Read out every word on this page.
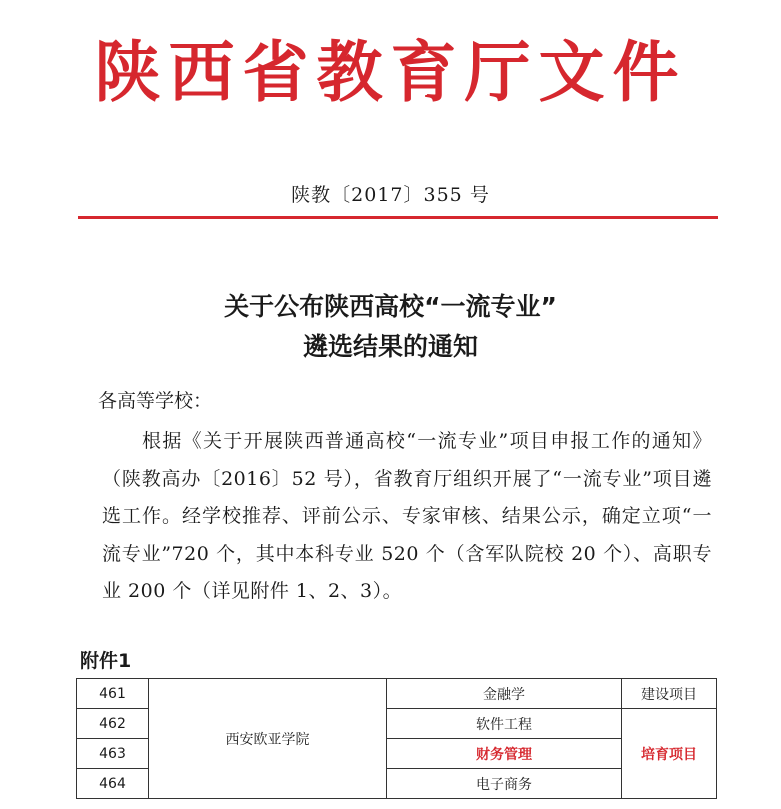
陕西省教育厅文件
陕教〔2017〕355 号
关于公布陕西高校“一流专业”
遴选结果的通知
各高等学校：
根据《关于开展陕西普通高校“一流专业”项目申报工作的通知》（陕教高办〔2016〕52 号），省教育厅组织开展了“一流专业”项目遴选工作。经学校推荐、评前公示、专家审核、结果公示，确定立项“一流专业”720 个，其中本科专业 520 个（含军队院校 20 个）、高职专业 200 个（详见附件 1、2、3）。
附件1
461	西安欧亚学院	金融学	建设项目
462		软件工程	培育项目
463		财务管理	
464		电子商务	
